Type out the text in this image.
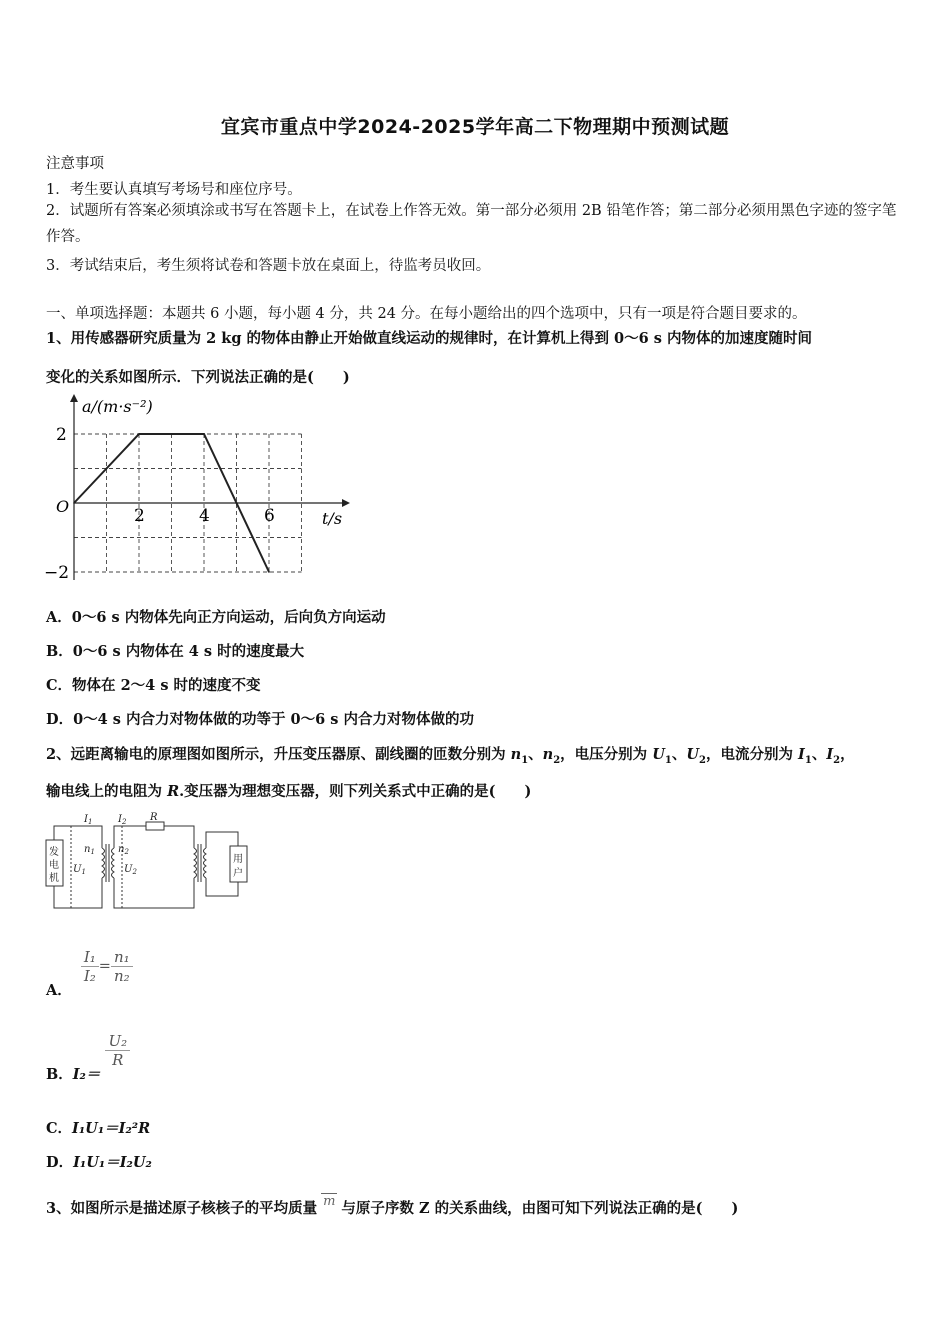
宜宾市重点中学2024-2025学年高二下物理期中预测试题
注意事项
1．考生要认真填写考场号和座位序号。
2．试题所有答案必须填涂或书写在答题卡上，在试卷上作答无效。第一部分必须用 2B 铅笔作答；第二部分必须用黑色字迹的签字笔作答。
3．考试结束后，考生须将试卷和答题卡放在桌面上，待监考员收回。
一、单项选择题：本题共 6 小题，每小题 4 分，共 24 分。在每小题给出的四个选项中，只有一项是符合题目要求的。
1、用传感器研究质量为 2 kg 的物体由静止开始做直线运动的规律时，在计算机上得到 0～6 s 内物体的加速度随时间
变化的关系如图所示．下列说法正确的是(　　)
a/(m·s⁻²)
t/s
O	2	4	6
2
−2
A．0～6 s 内物体先向正方向运动，后向负方向运动
B．0～6 s 内物体在 4 s 时的速度最大
C．物体在 2～4 s 时的速度不变
D．0～4 s 内合力对物体做的功等于 0～6 s 内合力对物体做的功
2、远距离输电的原理图如图所示，升压变压器原、副线圈的匝数分别为 $n_1$、$n_2$，电压分别为 $U_1$、$U_2$，电流分别为 $I_1$、$I_2$，
输电线上的电阻为 R.变压器为理想变压器，则下列关系式中正确的是(　　)
发
电
机
用
户
$I_1$	$I_2$ R
$n_1$ $n_2$
$U_1$	$U_2$
A．
$\frac{\text{I₁}}{\text{I₂}} = \frac{\text{n₁}}{\text{n₂}}$
B．I₂＝
$\frac{\text{U₂}}{R}$
C．I₁U₁＝I₂²R
D．I₁U₁＝I₂U₂
3、如图所示是描述原子核核子的平均质量 m 与原子序数 Z 的关系曲线，由图可知下列说法正确的是(　　)
